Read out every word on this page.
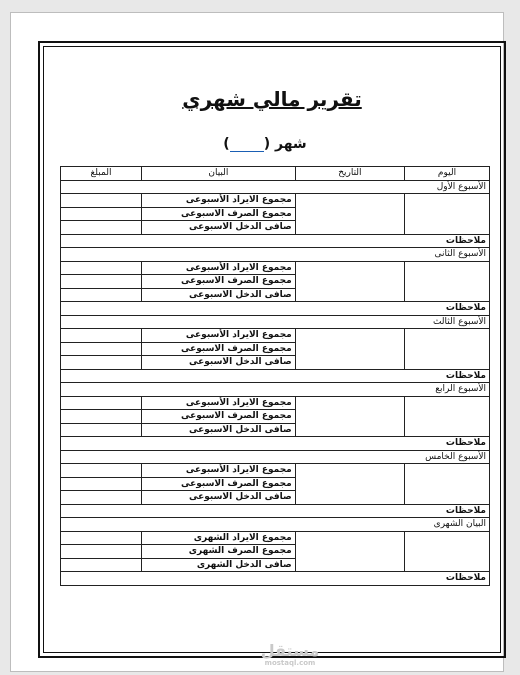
تقرير مالي شهري
شهر ()
اليوم	التاريخ	البيان	المبلغ
الأسبوع الأول			
		مجموع الايراد الأسبوعى	
		مجموع الصرف الاسبوعى	
		صافى الدخل الاسبوعى	
ملاحظات			
الأسبوع الثانى			
		مجموع الايراد الأسبوعى	
		مجموع الصرف الاسبوعى	
		صافى الدخل الاسبوعى	
ملاحظات			
الأسبوع الثالث			
		مجموع الايراد الأسبوعى	
		مجموع الصرف الاسبوعى	
		صافى الدخل الاسبوعى	
ملاحظات			
الأسبوع الرابع			
		مجموع الايراد الأسبوعى	
		مجموع الصرف الاسبوعى	
		صافى الدخل الاسبوعى	
ملاحظات			
الأسبوع الخامس			
		مجموع الايراد الأسبوعى	
		مجموع الصرف الاسبوعى	
		صافى الدخل الاسبوعى	
ملاحظات			
البيان الشهرى			
		مجموع الايراد الشهرى	
		مجموع الصرف الشهرى	
		صافى الدخل الشهرى	
ملاحظات			
مستقل
mostaql.com
